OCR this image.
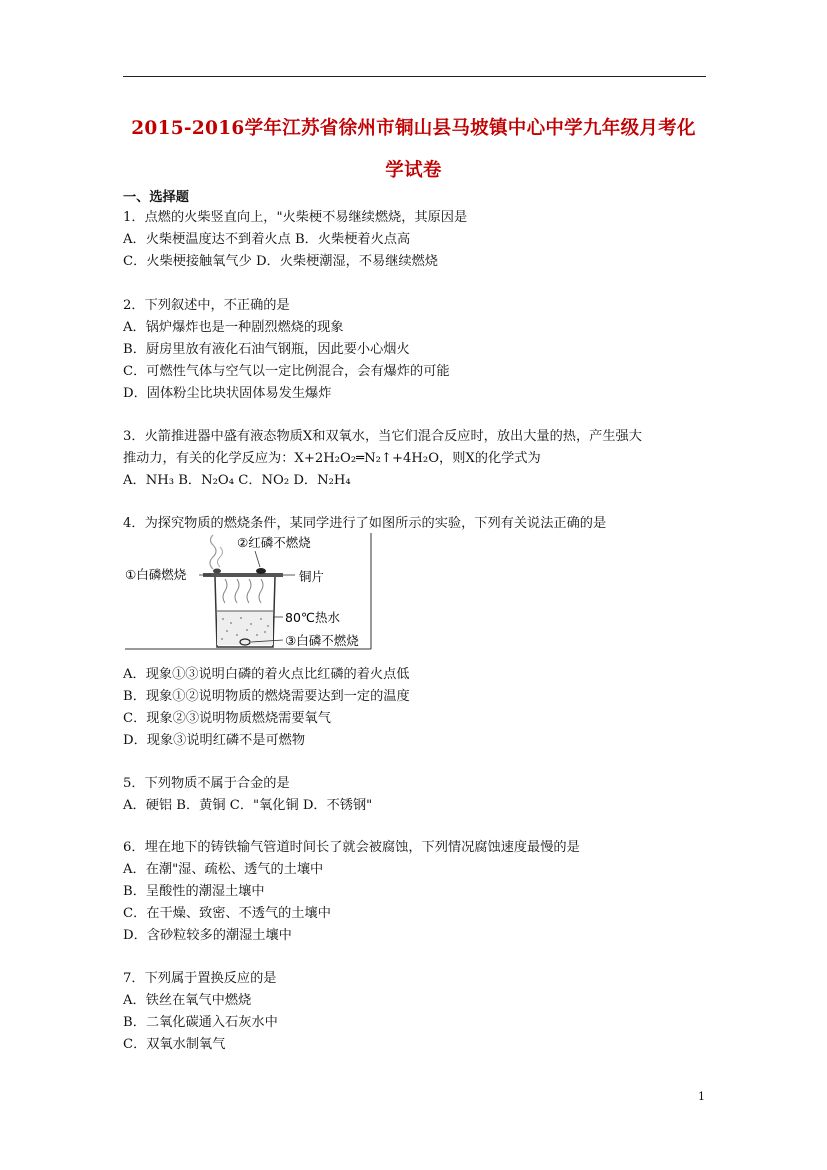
2015-2016学年江苏省徐州市铜山县马坡镇中心中学九年级月考化
学试卷
一、选择题
1．点燃的火柴竖直向上，"火柴梗不易继续燃烧，其原因是
A．火柴梗温度达不到着火点 B．火柴梗着火点高
C．火柴梗接触氧气少 D．火柴梗潮湿，不易继续燃烧
2．下列叙述中，不正确的是
A．锅炉爆炸也是一种剧烈燃烧的现象
B．厨房里放有液化石油气钢瓶，因此要小心烟火
C．可燃性气体与空气以一定比例混合，会有爆炸的可能
D．固体粉尘比块状固体易发生爆炸
3．火箭推进器中盛有液态物质X和双氧水，当它们混合反应时，放出大量的热，产生强大
推动力，有关的化学反应为：X+2H₂O₂═N₂↑+4H₂O，则X的化学式为
A．NH₃ B．N₂O₄ C．NO₂ D．N₂H₄
4．为探究物质的燃烧条件，某同学进行了如图所示的实验，下列有关说法正确的是
A．现象①③说明白磷的着火点比红磷的着火点低
B．现象①②说明物质的燃烧需要达到一定的温度
C．现象②③说明物质燃烧需要氧气
D．现象③说明红磷不是可燃物
5．下列物质不属于合金的是
A．硬铝 B．黄铜 C．"氧化铜 D．不锈钢"
6．埋在地下的铸铁输气管道时间长了就会被腐蚀，下列情况腐蚀速度最慢的是
A．在潮"湿、疏松、透气的土壤中
B．呈酸性的潮湿土壤中
C．在干燥、致密、不透气的土壤中
D．含砂粒较多的潮湿土壤中
7．下列属于置换反应的是
A．铁丝在氧气中燃烧
B．二氧化碳通入石灰水中
C．双氧水制氧气
②红磷不燃烧
①白磷燃烧	铜片
80℃热水
③白磷不燃烧
1
